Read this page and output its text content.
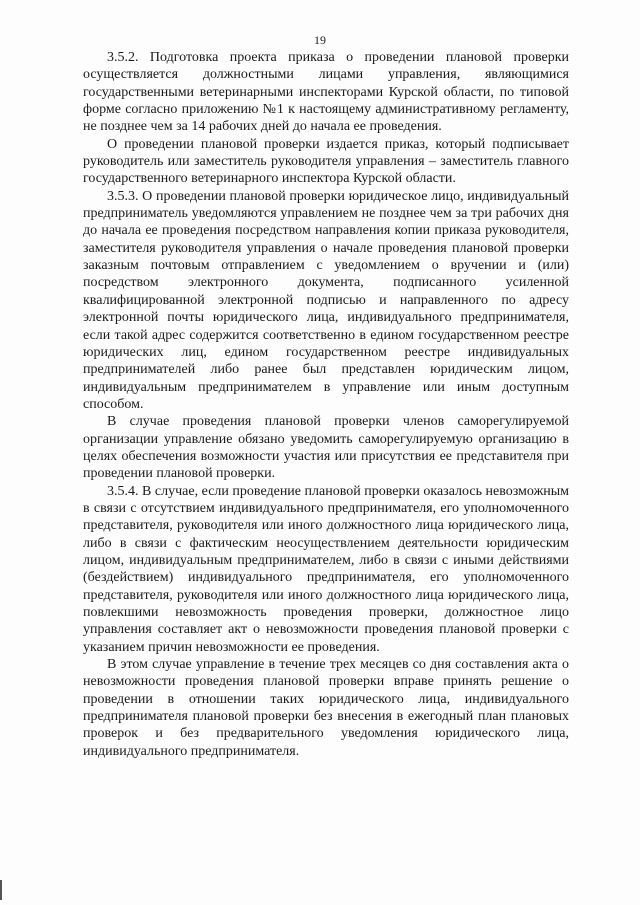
19

3.5.2. Подготовка проекта приказа о проведении плановой проверки осуществляется должностными лицами управления, являющимися государственными ветеринарными инспекторами Курской области, по типовой форме согласно приложению №1 к настоящему административному регламенту, не позднее чем за 14 рабочих дней до начала ее проведения.

О проведении плановой проверки издается приказ, который подписывает руководитель или заместитель руководителя управления – заместитель главного государственного ветеринарного инспектора Курской области.

3.5.3. О проведении плановой проверки юридическое лицо, индивидуальный предприниматель уведомляются управлением не позднее чем за три рабочих дня до начала ее проведения посредством направления копии приказа руководителя, заместителя руководителя управления о начале проведения плановой проверки заказным почтовым отправлением с уведомлением о вручении и (или) посредством электронного документа, подписанного усиленной квалифицированной электронной подписью и направленного по адресу электронной почты юридического лица, индивидуального предпринимателя, если такой адрес содержится соответственно в едином государственном реестре юридических лиц, едином государственном реестре индивидуальных предпринимателей либо ранее был представлен юридическим лицом, индивидуальным предпринимателем в управление или иным доступным способом.

В случае проведения плановой проверки членов саморегулируемой организации управление обязано уведомить саморегулируемую организацию в целях обеспечения возможности участия или присутствия ее представителя при проведении плановой проверки.

3.5.4. В случае, если проведение плановой проверки оказалось невозможным в связи с отсутствием индивидуального предпринимателя, его уполномоченного представителя, руководителя или иного должностного лица юридического лица, либо в связи с фактическим неосуществлением деятельности юридическим лицом, индивидуальным предпринимателем, либо в связи с иными действиями (бездействием) индивидуального предпринимателя, его уполномоченного представителя, руководителя или иного должностного лица юридического лица, повлекшими невозможность проведения проверки, должностное лицо управления составляет акт о невозможности проведения плановой проверки с указанием причин невозможности ее проведения.

В этом случае управление в течение трех месяцев со дня составления акта о невозможности проведения плановой проверки вправе принять решение о проведении в отношении таких юридического лица, индивидуального предпринимателя плановой проверки без внесения в ежегодный план плановых проверок и без предварительного уведомления юридического лица, индивидуального предпринимателя.
